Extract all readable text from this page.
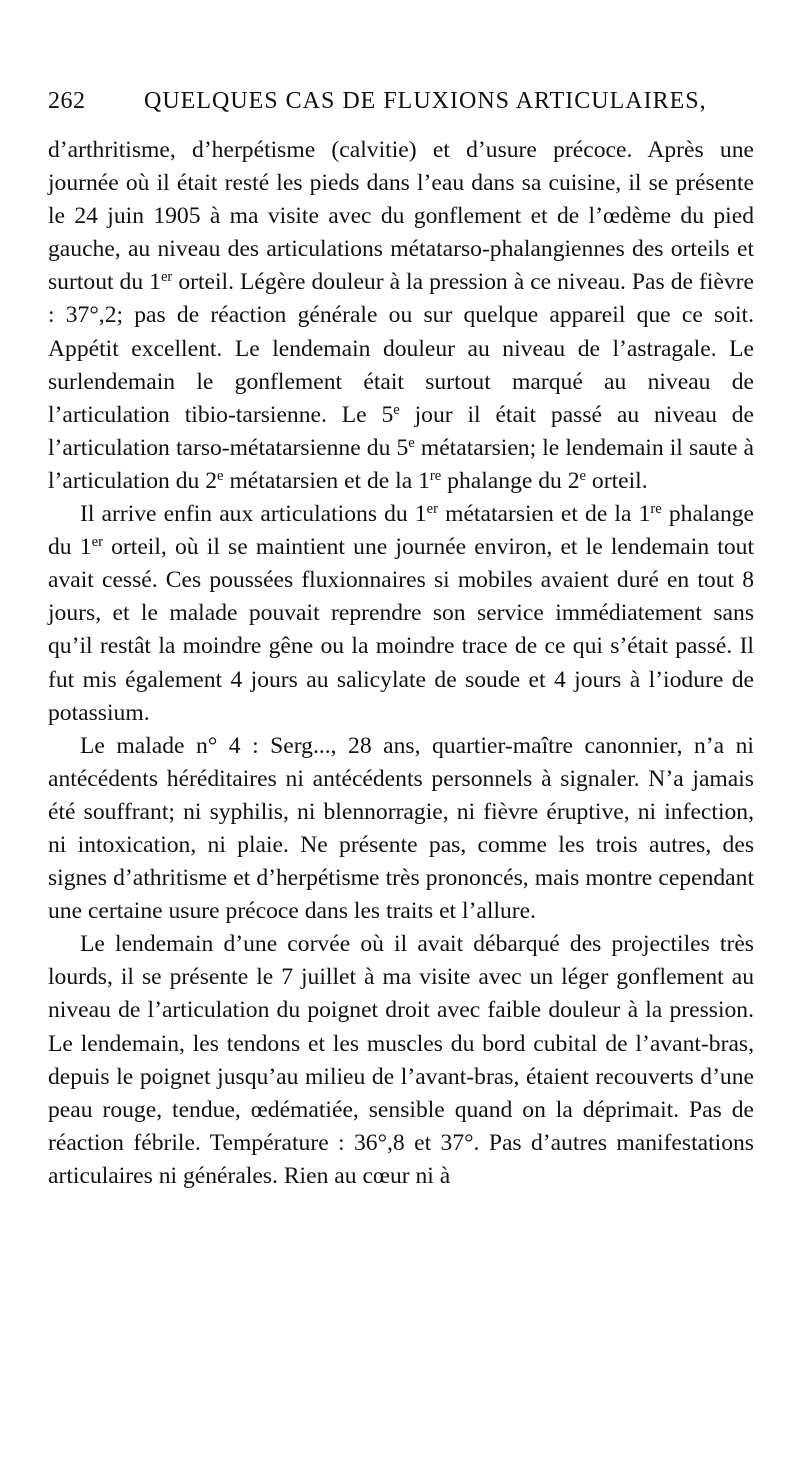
262	QUELQUES CAS DE FLUXIONS ARTICULAIRES,

d’arthritisme, d’herpétisme (calvitie) et d’usure précoce. Après une journée où il était resté les pieds dans l’eau dans sa cuisine, il se présente le 24 juin 1905 à ma visite avec du gonflement et de l’œdème du pied gauche, au niveau des articulations métatarso-phalangiennes des orteils et surtout du 1er orteil. Légère douleur à la pression à ce niveau. Pas de fièvre : 37°,2; pas de réaction générale ou sur quelque appareil que ce soit. Appétit excellent. Le lendemain douleur au niveau de l’astragale. Le surlendemain le gonflement était surtout marqué au niveau de l’articulation tibio-tarsienne. Le 5e jour il était passé au niveau de l’articulation tarso-métatarsienne du 5e métatarsien; le lendemain il saute à l’articulation du 2e métatarsien et de la 1re phalange du 2e orteil.

Il arrive enfin aux articulations du 1er métatarsien et de la 1re phalange du 1er orteil, où il se maintient une journée environ, et le lendemain tout avait cessé. Ces poussées fluxionnaires si mobiles avaient duré en tout 8 jours, et le malade pouvait reprendre son service immédiatement sans qu’il restât la moindre gêne ou la moindre trace de ce qui s’était passé. Il fut mis également 4 jours au salicylate de soude et 4 jours à l’iodure de potassium.

Le malade n° 4 : Serg..., 28 ans, quartier-maître canonnier, n’a ni antécédents héréditaires ni antécédents personnels à signaler. N’a jamais été souffrant; ni syphilis, ni blennorragie, ni fièvre éruptive, ni infection, ni intoxication, ni plaie. Ne présente pas, comme les trois autres, des signes d’athritisme et d’herpétisme très prononcés, mais montre cependant une certaine usure précoce dans les traits et l’allure.

Le lendemain d’une corvée où il avait débarqué des projectiles très lourds, il se présente le 7 juillet à ma visite avec un léger gonflement au niveau de l’articulation du poignet droit avec faible douleur à la pression. Le lendemain, les tendons et les muscles du bord cubital de l’avant-bras, depuis le poignet jusqu’au milieu de l’avant-bras, étaient recouverts d’une peau rouge, tendue, œdématiée, sensible quand on la déprimait. Pas de réaction fébrile. Température : 36°,8 et 37°. Pas d’autres manifestations articulaires ni générales. Rien au cœur ni à
